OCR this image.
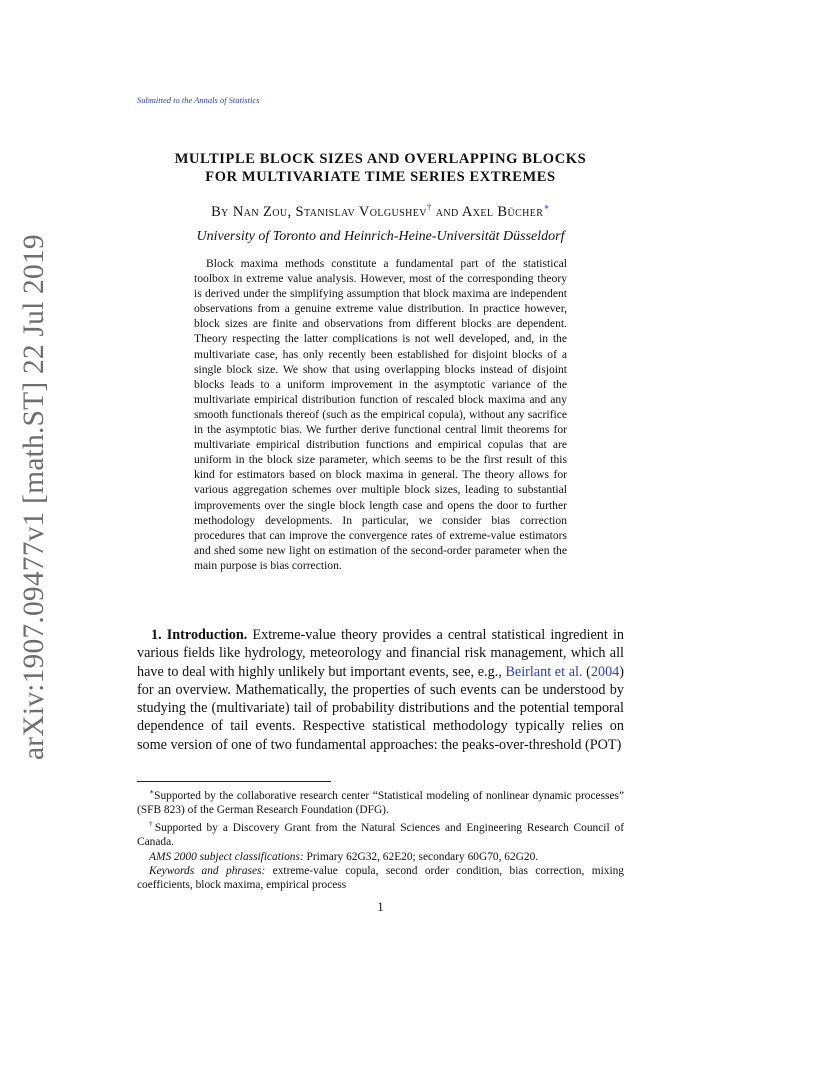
arXiv:1907.09477v1 [math.ST] 22 Jul 2019
Submitted to the Annals of Statistics
MULTIPLE BLOCK SIZES AND OVERLAPPING BLOCKS
FOR MULTIVARIATE TIME SERIES EXTREMES
By Nan Zou, Stanislav Volgushev† and Axel Bücher∗
University of Toronto and Heinrich-Heine-Universität Düsseldorf
Block maxima methods constitute a fundamental part of the statistical toolbox in extreme value analysis. However, most of the corresponding theory is derived under the simplifying assumption that block maxima are independent observations from a genuine extreme value distribution. In practice however, block sizes are finite and observations from different blocks are dependent. Theory respecting the latter complications is not well developed, and, in the multivariate case, has only recently been established for disjoint blocks of a single block size. We show that using overlapping blocks instead of disjoint blocks leads to a uniform improvement in the asymptotic variance of the multivariate empirical distribution function of rescaled block maxima and any smooth functionals thereof (such as the empirical copula), without any sacrifice in the asymptotic bias. We further derive functional central limit theorems for multivariate empirical distribution functions and empirical copulas that are uniform in the block size parameter, which seems to be the first result of this kind for estimators based on block maxima in general. The theory allows for various aggregation schemes over multiple block sizes, leading to substantial improvements over the single block length case and opens the door to further methodology developments. In particular, we consider bias correction procedures that can improve the convergence rates of extreme-value estimators and shed some new light on estimation of the second-order parameter when the main purpose is bias correction.
1. Introduction. Extreme-value theory provides a central statistical ingredient in various fields like hydrology, meteorology and financial risk management, which all have to deal with highly unlikely but important events, see, e.g., Beirlant et al. (2004) for an overview. Mathematically, the properties of such events can be understood by studying the (multivariate) tail of probability distributions and the potential temporal dependence of tail events. Respective statistical methodology typically relies on some version of one of two fundamental approaches: the peaks-over-threshold (POT)

∗Supported by the collaborative research center “Statistical modeling of nonlinear dynamic processes” (SFB 823) of the German Research Foundation (DFG).

†Supported by a Discovery Grant from the Natural Sciences and Engineering Research Council of Canada.

AMS 2000 subject classifications: Primary 62G32, 62E20; secondary 60G70, 62G20.

Keywords and phrases: extreme-value copula, second order condition, bias correction, mixing coefficients, block maxima, empirical process

1
